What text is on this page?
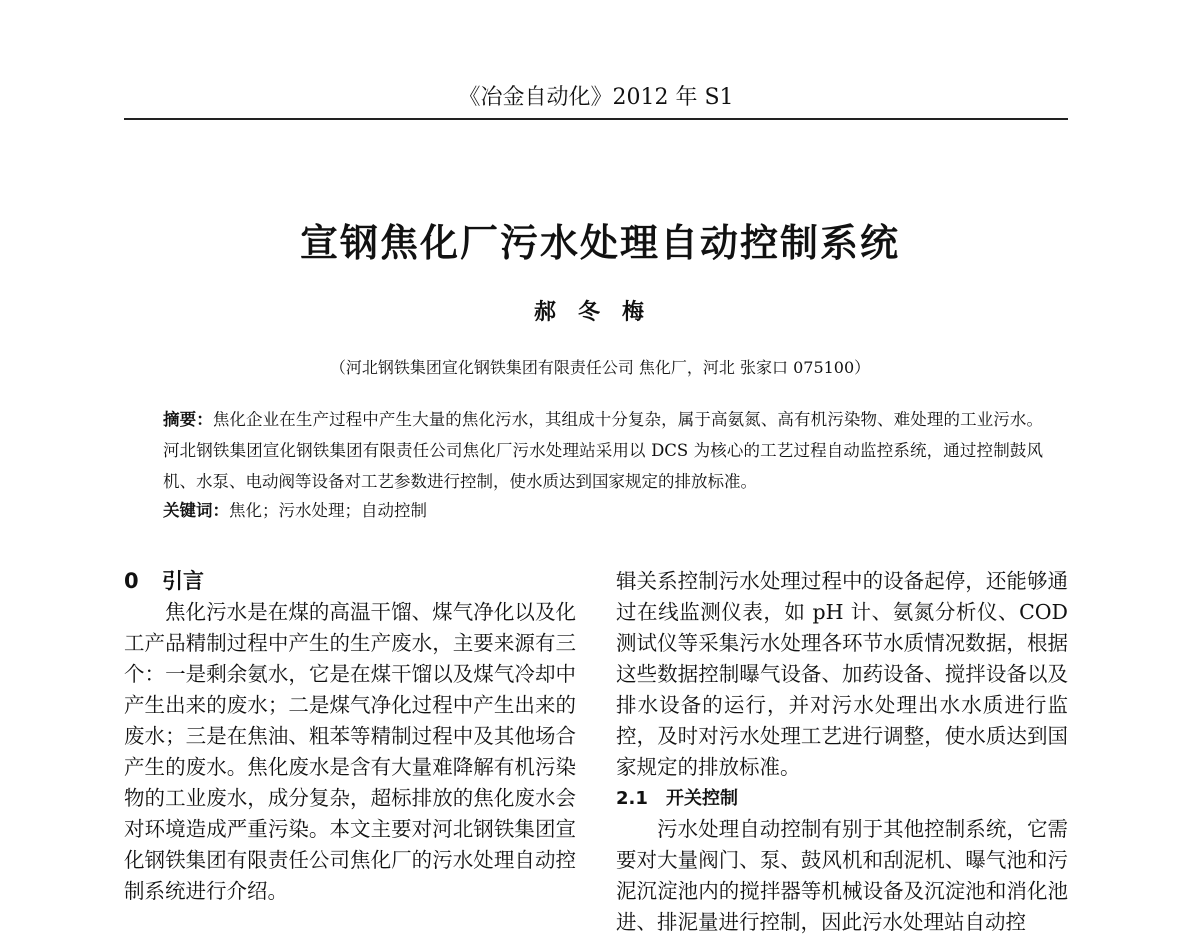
《冶金自动化》2012 年 S1
宣钢焦化厂污水处理自动控制系统
郝冬梅
（河北钢铁集团宣化钢铁集团有限责任公司 焦化厂，河北 张家口 075100）
摘要：焦化企业在生产过程中产生大量的焦化污水，其组成十分复杂，属于高氨氮、高有机污染物、难处理的工业污水。河北钢铁集团宣化钢铁集团有限责任公司焦化厂污水处理站采用以 DCS 为核心的工艺过程自动监控系统，通过控制鼓风机、水泵、电动阀等设备对工艺参数进行控制，使水质达到国家规定的排放标准。
关键词：焦化；污水处理；自动控制
0 引言

焦化污水是在煤的高温干馏、煤气净化以及化工产品精制过程中产生的生产废水，主要来源有三个：一是剩余氨水，它是在煤干馏以及煤气冷却中产生出来的废水；二是煤气净化过程中产生出来的废水；三是在焦油、粗苯等精制过程中及其他场合产生的废水。焦化废水是含有大量难降解有机污染物的工业废水，成分复杂，超标排放的焦化废水会对环境造成严重污染。本文主要对河北钢铁集团宣化钢铁集团有限责任公司焦化厂的污水处理自动控制系统进行介绍。

辑关系控制污水处理过程中的设备起停，还能够通过在线监测仪表，如 pH 计、氨氮分析仪、COD 测试仪等采集污水处理各环节水质情况数据，根据这些数据控制曝气设备、加药设备、搅拌设备以及排水设备的运行，并对污水处理出水水质进行监控，及时对污水处理工艺进行调整，使水质达到国家规定的排放标准。

2.1 开关控制

污水处理自动控制有别于其他控制系统，它需要对大量阀门、泵、鼓风机和刮泥机、曝气池和污泥沉淀池内的搅拌器等机械设备及沉淀池和消化池进、排泥量进行控制，因此污水处理站自动控
